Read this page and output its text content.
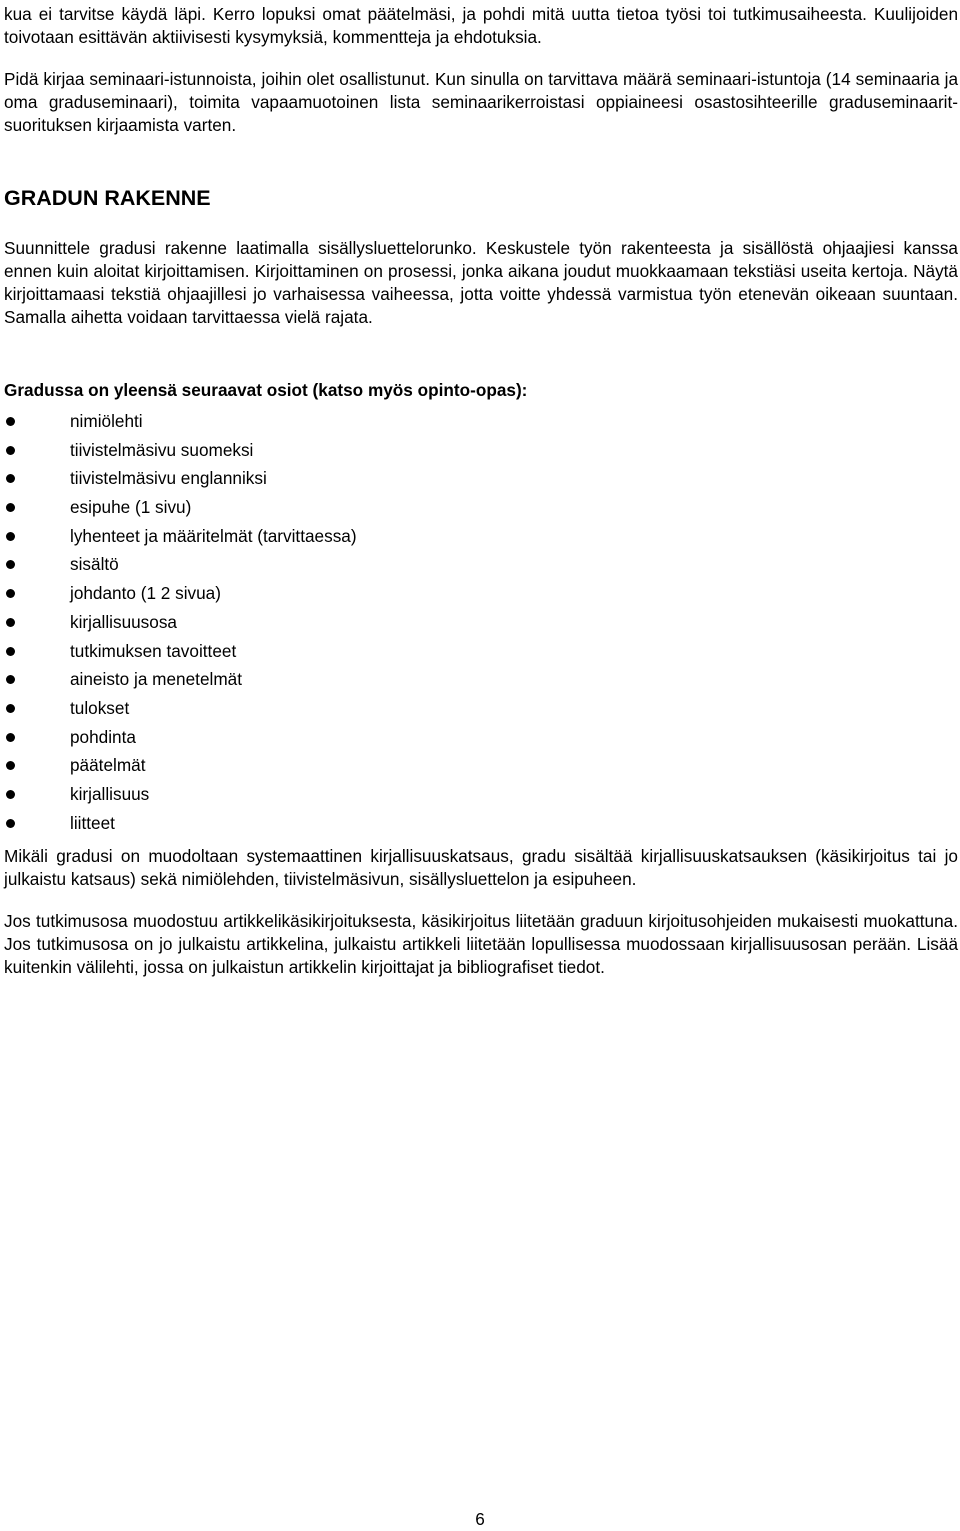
kua ei tarvitse käydä läpi. Kerro lopuksi omat päätelmäsi, ja pohdi mitä uutta tietoa työsi toi tutkimusaiheesta. Kuulijoiden toivotaan esittävän aktiivisesti kysymyksiä, kommentteja ja ehdotuksia.

Pidä kirjaa seminaari-istunnoista, joihin olet osallistunut. Kun sinulla on tarvittava määrä seminaari-istuntoja (14 seminaaria ja oma graduseminaari), toimita vapaamuotoinen lista seminaarikerroistasi oppiaineesi osastosihteerille graduseminaarit-suorituksen kirjaamista varten.

GRADUN RAKENNE

Suunnittele gradusi rakenne laatimalla sisällysluettelorunko. Keskustele työn rakenteesta ja sisällöstä ohjaajiesi kanssa ennen kuin aloitat kirjoittamisen. Kirjoittaminen on prosessi, jonka aikana joudut muokkaamaan tekstiäsi useita kertoja. Näytä kirjoittamaasi tekstiä ohjaajillesi jo varhaisessa vaiheessa, jotta voitte yhdessä varmistua työn etenevän oikeaan suuntaan. Samalla aihetta voidaan tarvittaessa vielä rajata.

Gradussa on yleensä seuraavat osiot (katso myös opinto-opas):
nimiölehti
tiivistelmäsivu suomeksi
tiivistelmäsivu englanniksi
esipuhe (1 sivu)
lyhenteet ja määritelmät (tarvittaessa)
sisältö
johdanto (1 2 sivua)
kirjallisuusosa
tutkimuksen tavoitteet
aineisto ja menetelmät
tulokset
pohdinta
päätelmät
kirjallisuus
liitteet

Mikäli gradusi on muodoltaan systemaattinen kirjallisuuskatsaus, gradu sisältää kirjallisuuskatsauksen (käsikirjoitus tai jo julkaistu katsaus) sekä nimiölehden, tiivistelmäsivun, sisällysluettelon ja esipuheen.

Jos tutkimusosa muodostuu artikkelikäsikirjoituksesta, käsikirjoitus liitetään graduun kirjoitusohjeiden mukaisesti muokattuna. Jos tutkimusosa on jo julkaistu artikkelina, julkaistu artikkeli liitetään lopullisessa muodossaan kirjallisuusosan perään. Lisää kuitenkin välilehti, jossa on julkaistun artikkelin kirjoittajat ja bibliografiset tiedot.

6
